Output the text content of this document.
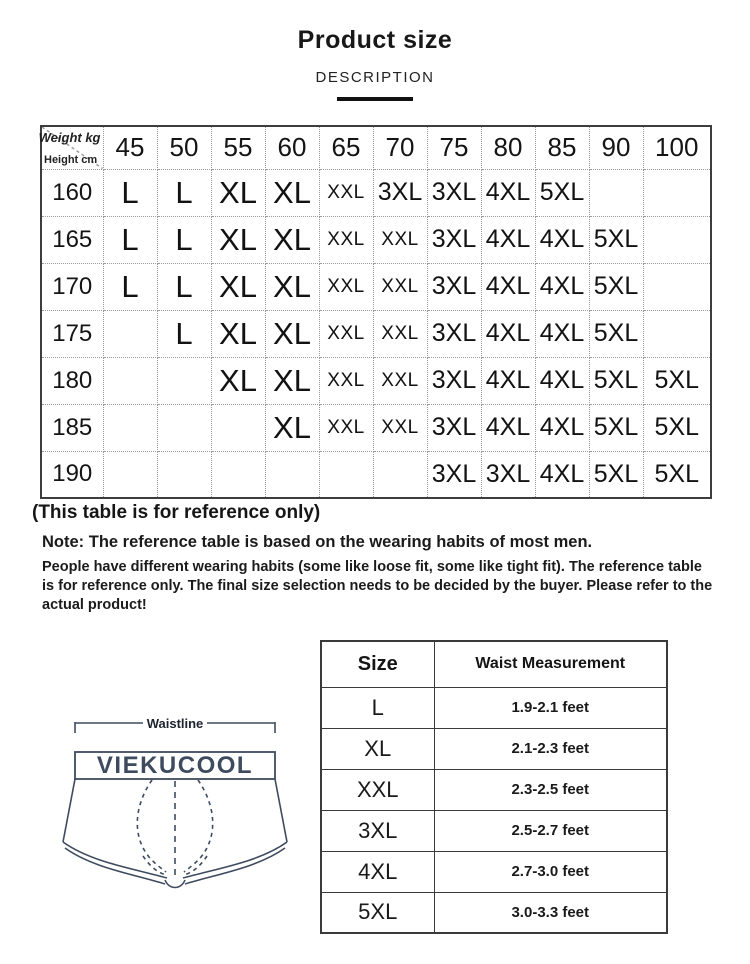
Product size
DESCRIPTION
Weight kg
Height cm	45	50	55	60	65	70	75	80	85	90	100
160	L	L	XL	XL	XXL	3XL	3XL	4XL	5XL		
165	L	L	XL	XL	XXL	XXL	3XL	4XL	4XL	5XL	
170	L	L	XL	XL	XXL	XXL	3XL	4XL	4XL	5XL	
175		L	XL	XL	XXL	XXL	3XL	4XL	4XL	5XL	
180			XL	XL	XXL	XXL	3XL	4XL	4XL	5XL	5XL
185				XL	XXL	XXL	3XL	4XL	4XL	5XL	5XL
190							3XL	3XL	4XL	5XL	5XL
(This table is for reference only)
Note: The reference table is based on the wearing habits of most men.
People have different wearing habits (some like loose fit, some like tight fit). The reference table is for reference only. The final size selection needs to be decided by the buyer. Please refer to the actual product!
Waistline
VIEKUCOOL
Size	Waist Measurement
L	1.9-2.1 feet
XL	2.1-2.3 feet
XXL	2.3-2.5 feet
3XL	2.5-2.7 feet
4XL	2.7-3.0 feet
5XL	3.0-3.3 feet
